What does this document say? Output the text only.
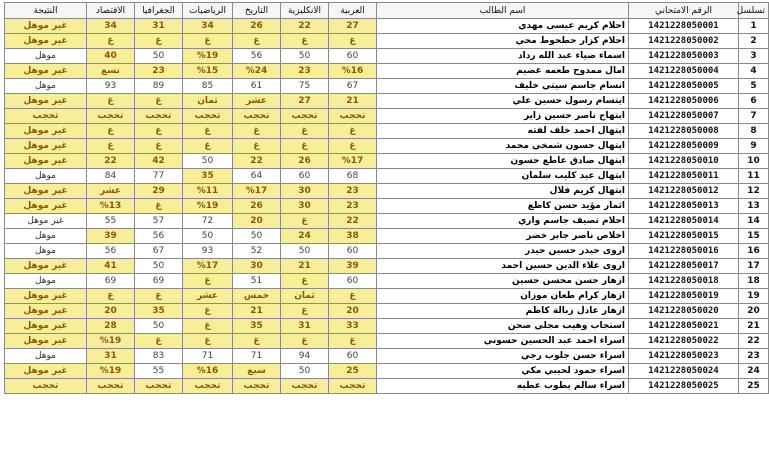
تسلسل	الرقم الامتحاني	اسم الطالب	العربية	الانكليزية	التاريخ	الرياضيات	الجغرافيا	الاقتصاد	النتيجة
1	1421228050001	احلام كريم عيسى مهدي	27	22	26	34	31	34	غير موهل
2	1421228050002	احلام كزار حطحوط محي	غ	غ	غ	غ	غ	غ	غير موهل
3	1421228050003	اسماء ضياء عبد الله رداد	60	50	56	%19	50	40	موهل
4	1421228050004	امال ممدوح طعمه غضيم	%16	23	%24	%15	23	تسع	غير موهل
5	1421228050005	انسام جاسم سيتي خليف	67	75	61	85	89	93	موهل
6	1421228050006	ايتسام رسول حسين علي	21	27	عشر	ثمان	غ	غ	غير موهل
7	1421228050007	ابتهاج ناصر حسين زاير	تحجب	تحجب	تحجب	تحجب	تحجب	تحجب	تحجب
8	1421228050008	ابتهال احمد خلف لفته	غ	غ	غ	غ	غ	غ	غير موهل
9	1421228050009	ابتهال حسون شمخي محمد	غ	غ	غ	غ	غ	غ	غير موهل
10	1421228050010	ابتهال صادق عاطع حسون	%17	26	22	50	42	22	غير موهل
11	1421228050011	ابتهال عبد كليب سلمان	68	60	64	35	77	84	موهل
12	1421228050012	ابتهال كريم فلال	23	30	%17	%11	29	عشر	غير موهل
13	1421228050013	اثمار مؤيد حسن كاظع	23	30	26	%19	غ	%13	غير موهل
14	1421228050014	احلام تصيف جاسم واري	22	غ	20	72	57	55	غير موهل
15	1421228050015	اخلاص ناصر جابر خضر	38	24	50	50	56	39	موهل
16	1421228050016	اروى حيدر حسين حيدر	60	50	52	93	67	56	موهل
17	1421228050017	اروى علاء الدين حسين احمد	39	21	30	%17	50	41	غير موهل
18	1421228050018	ازهار حسن محسن حسين	60	غ	51	غ	69	69	موهل
19	1421228050019	ازهار كرام طعان موزان	غ	ثمان	خمس	عشر	غ	غ	غير موهل
20	1421228050020	ازهار عادل زبالة كاظم	20	غ	21	غ	35	20	غير موهل
21	1421228050021	استجاب وهيب مجلي صحن	33	31	35	غ	50	28	غير موهل
22	1421228050022	اسراء احمد عبد الحسين حسوني	غ	غ	غ	غ	غ	%19	غير موهل
23	1421228050023	اسراء حسن جلوب رجي	60	94	71	71	83	31	موهل
24	1421228050024	اسراء حمود لحيبي مكي	25	50	سبع	%16	55	%19	غير موهل
25	1421228050025	اسراء سالم يطوب عطيه	تحجب	تحجب	تحجب	تحجب	تحجب	تحجب	تحجب
